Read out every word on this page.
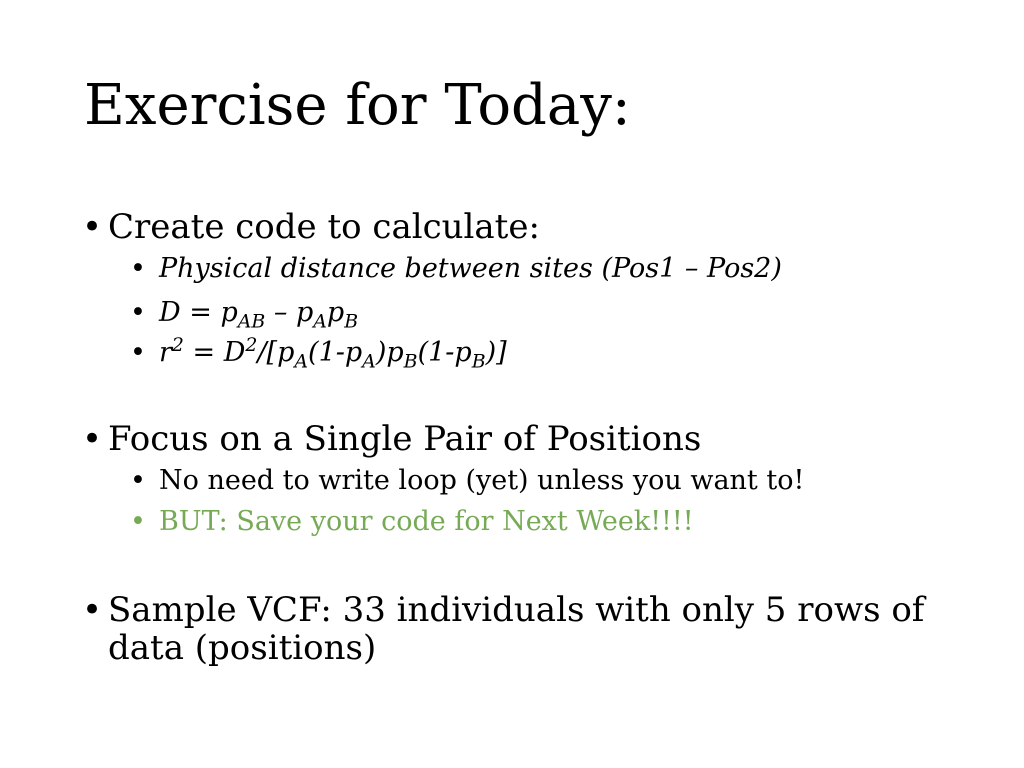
Exercise for Today:
• Create code to calculate:
• Physical distance between sites (Pos1 – Pos2)
• $D = p_{AB} - p_Ap_B$
• $r^2 = D^2/[p_A(1-p_A)p_B(1-p_B)]$
• Focus on a Single Pair of Positions
• No need to write loop (yet) unless you want to!
• BUT: Save your code for Next Week!!!!
• Sample VCF: 33 individuals with only 5 rows of data (positions)
